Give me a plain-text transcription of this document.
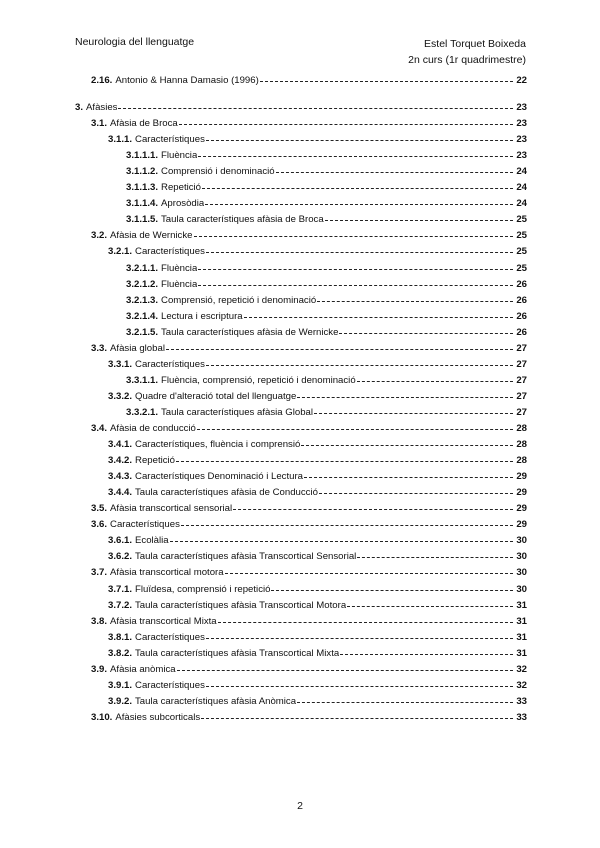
Neurologia del llenguatge	Estel Torquet Boixeda
2n curs (1r quadrimestre)
2.16. Antonio & Hanna Damasio (1996)	22
3. Afàsies	23
3.1. Afàsia de Broca	23
3.1.1. Característiques	23
3.1.1.1. Fluència	23
3.1.1.2. Comprensió i denominació	24
3.1.1.3. Repetició	24
3.1.1.4. Aprosòdia	24
3.1.1.5. Taula característiques afàsia de Broca	25
3.2. Afàsia de Wernicke	25
3.2.1. Característiques	25
3.2.1.1. Fluència	25
3.2.1.2. Fluència	26
3.2.1.3. Comprensió, repetició i denominació	26
3.2.1.4. Lectura i escriptura	26
3.2.1.5. Taula característiques afàsia de Wernicke	26
3.3. Afàsia global	27
3.3.1. Característiques	27
3.3.1.1. Fluència, comprensió, repetició i denominació	27
3.3.2. Quadre d'alteració total del llenguatge	27
3.3.2.1. Taula característiques afàsia Global	27
3.4. Afàsia de conducció	28
3.4.1. Característiques, fluència i comprensió	28
3.4.2. Repetició	28
3.4.3. Característiques Denominació i Lectura	29
3.4.4. Taula característiques afàsia de Conducció	29
3.5. Afàsia transcortical sensorial	29
3.6. Característiques	29
3.6.1. Ecolàlia	30
3.6.2. Taula característiques afàsia Transcortical Sensorial	30
3.7. Afàsia transcortical motora	30
3.7.1. Fluïdesa, comprensió i repetició	30
3.7.2. Taula característiques afàsia Transcortical Motora	31
3.8. Afàsia transcortical Mixta	31
3.8.1. Característiques	31
3.8.2. Taula característiques afàsia Transcortical Mixta	31
3.9. Afàsia anòmica	32
3.9.1. Característiques	32
3.9.2. Taula característiques afàsia Anòmica	33
3.10. Afàsies subcorticals	33
2
